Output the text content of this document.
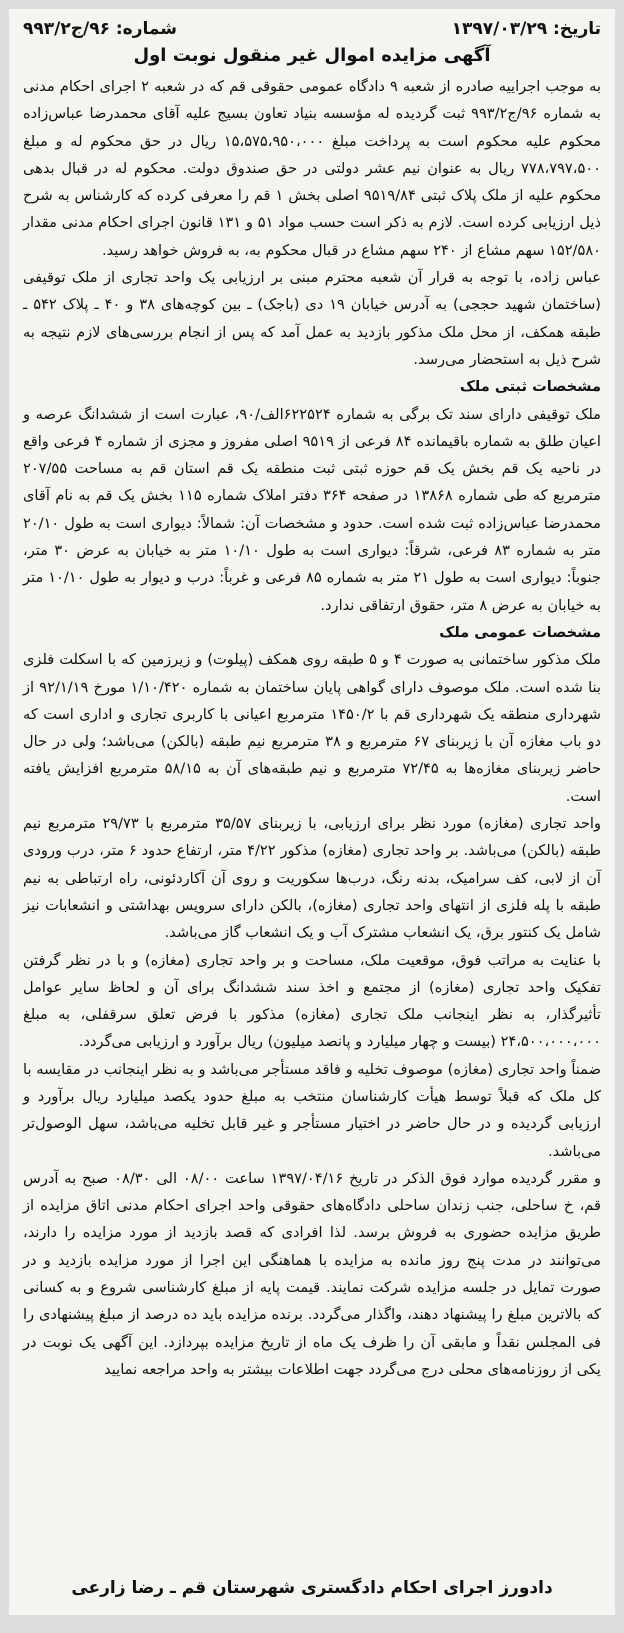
تاریخ: ۱۳۹۷/۰۳/۲۹
شماره: ۹۶/ج۹۹۳/۲
آگهی مزایده اموال غیر منقول نوبت اول

به موجب اجراییه صادره از شعبه ۹ دادگاه عمومی حقوقی قم که در شعبه ۲ اجرای احکام مدنی به شماره ۹۶/ج۹۹۳/۲ ثبت گردیده له مؤسسه بنیاد تعاون بسیج علیه آقای محمدرضا عباس‌زاده محکوم علیه محکوم است به پرداخت مبلغ ۱۵،۵۷۵،۹۵۰،۰۰۰ ریال در حق محکوم له و مبلغ ۷۷۸،۷۹۷،۵۰۰ ریال به عنوان نیم عشر دولتی در حق صندوق دولت. محکوم له در قبال بدهی محکوم علیه از ملک پلاک ثبتی ۹۵۱۹/۸۴ اصلی بخش ۱ قم را معرفی کرده که کارشناس به شرح ذیل ارزیابی کرده است. لازم به ذکر است حسب مواد ۵۱ و ۱۳۱ قانون اجرای احکام مدنی مقدار ۱۵۲/۵۸۰ سهم مشاع از ۲۴۰ سهم مشاع در قبال محکوم به، به فروش خواهد رسید.

عباس زاده، با توجه به قرار آن شعبه محترم مبنی بر ارزیابی یک واحد تجاری از ملک توقیفی (ساختمان شهید حججی) به آدرس خیابان ۱۹ دی (باجک) ـ بین کوچه‌های ۳۸ و ۴۰ ـ پلاک ۵۴۲ ـ طبقه همکف، از محل ملک مذکور بازدید به عمل آمد که پس از انجام بررسی‌های لازم نتیجه به شرح ذیل به استحضار می‌رسد.

مشخصات ثبتی ملک

ملک توقیفی دارای سند تک برگی به شماره ۶۲۲۵۲۴الف/۹۰، عبارت است از ششدانگ عرصه و اعیان طلق به شماره باقیمانده ۸۴ فرعی از ۹۵۱۹ اصلی مفروز و مجزی از شماره ۴ فرعی واقع در ناحیه یک قم بخش یک قم حوزه ثبتی ثبت منطقه یک قم استان قم به مساحت ۲۰۷/۵۵ مترمربع که طی شماره ۱۳۸۶۸ در صفحه ۳۶۴ دفتر املاک شماره ۱۱۵ بخش یک قم به نام آقای محمدرضا عباس‌زاده ثبت شده است. حدود و مشخصات آن: شمالاً: دیواری است به طول ۲۰/۱۰ متر به شماره ۸۳ فرعی، شرقاً: دیواری است به طول ۱۰/۱۰ متر به خیابان به عرض ۳۰ متر، جنوباً: دیواری است به طول ۲۱ متر به شماره ۸۵ فرعی و غرباً: درب و دیوار به طول ۱۰/۱۰ متر به خیابان به عرض ۸ متر، حقوق ارتفاقی ندارد.

مشخصات عمومی ملک

ملک مذکور ساختمانی به صورت ۴ و ۵ طبقه روی همکف (پیلوت) و زیرزمین که با اسکلت فلزی بنا شده است. ملک موصوف دارای گواهی پایان ساختمان به شماره ۱/۱۰/۴۲۰ مورخ ۹۲/۱/۱۹ از شهرداری منطقه یک شهرداری قم با ۱۴۵۰/۲ مترمربع اعیانی با کاربری تجاری و اداری است که دو باب مغازه آن با زیربنای ۶۷ مترمربع و ۳۸ مترمربع نیم طبقه (بالکن) می‌باشد؛ ولی در حال حاضر زیربنای مغازه‌ها به ۷۲/۴۵ مترمربع و نیم طبقه‌های آن به ۵۸/۱۵ مترمربع افزایش یافته است.

واحد تجاری (مغازه) مورد نظر برای ارزیابی، با زیربنای ۳۵/۵۷ مترمربع با ۲۹/۷۳ مترمربع نیم طبقه (بالکن) می‌باشد. بر واحد تجاری (مغازه) مذکور ۴/۲۲ متر، ارتفاع حدود ۶ متر، درب ورودی آن از لابی، کف سرامیک، بدنه رنگ، درب‌ها سکوریت و روی آن آکاردئونی، راه ارتباطی به نیم طبقه با پله فلزی از انتهای واحد تجاری (مغازه)، بالکن دارای سرویس بهداشتی و انشعابات نیز شامل یک کنتور برق، یک انشعاب مشترک آب و یک انشعاب گاز می‌باشد.

با عنایت به مراتب فوق، موقعیت ملک، مساحت و بر واحد تجاری (مغازه) و با در نظر گرفتن تفکیک واحد تجاری (مغازه) از مجتمع و اخذ سند ششدانگ برای آن و لحاظ سایر عوامل تأثیرگذار، به نظر اینجانب ملک تجاری (مغازه) مذکور با فرض تعلق سرقفلی، به مبلغ ۲۴،۵۰۰،۰۰۰،۰۰۰ (بیست و چهار میلیارد و پانصد میلیون) ریال برآورد و ارزیابی می‌گردد.

ضمناً واحد تجاری (مغازه) موصوف تخلیه و فاقد مستأجر می‌باشد و به نظر اینجانب در مقایسه با کل ملک که قبلاً توسط هیأت کارشناسان منتخب به مبلغ حدود یکصد میلیارد ریال برآورد و ارزیابی گردیده و در حال حاضر در اختیار مستأجر و غیر قابل تخلیه می‌باشد، سهل الوصول‌تر می‌باشد.

و مقرر گردیده موارد فوق الذکر در تاریخ ۱۳۹۷/۰۴/۱۶ ساعت ۰۸/۰۰ الی ۰۸/۳۰ صبح به آدرس قم، خ ساحلی، جنب زندان ساحلی دادگاه‌های حقوقی واحد اجرای احکام مدنی اتاق مزایده از طریق مزایده حضوری به فروش برسد. لذا افرادی که قصد بازدید از مورد مزایده را دارند، می‌توانند در مدت پنج روز مانده به مزایده با هماهنگی این اجرا از مورد مزایده بازدید و در صورت تمایل در جلسه مزایده شرکت نمایند. قیمت پایه از مبلغ کارشناسی شروع و به کسانی که بالاترین مبلغ را پیشنهاد دهند، واگذار می‌گردد. برنده مزایده باید ده درصد از مبلغ پیشنهادی را فی المجلس نقداً و مابقی آن را ظرف یک ماه از تاریخ مزایده بپردازد. این آگهی یک نوبت در یکی از روزنامه‌های محلی درج می‌گردد جهت اطلاعات بیشتر به واحد مراجعه نمایید

دادورز اجرای احکام دادگستری شهرستان قم ـ رضا زارعی
